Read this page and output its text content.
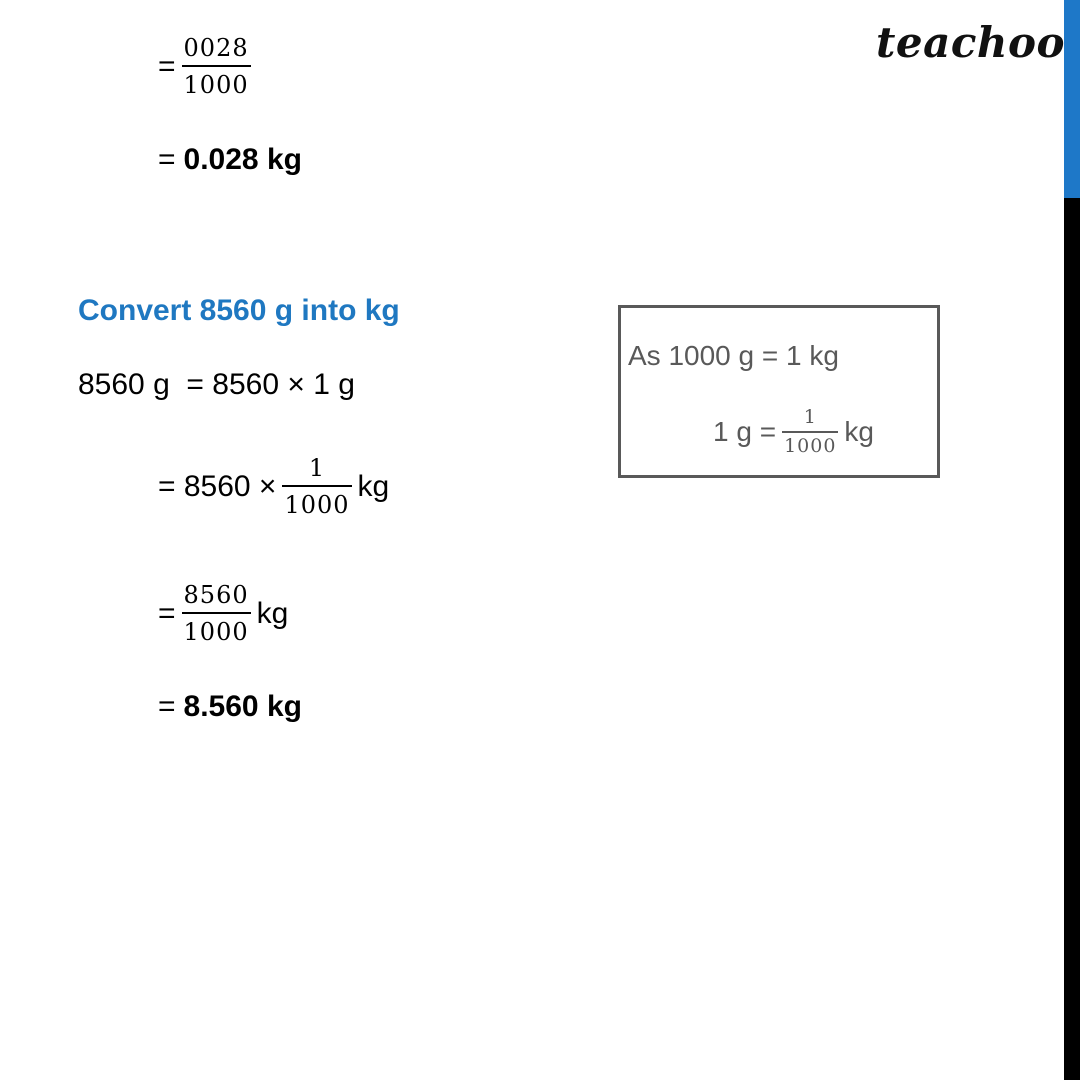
teachoo
= $\frac{0028}{1000}$
= 0.028 kg
Convert 8560 g into kg
8560 g  = 8560 × 1 g
= $8560 \times \frac{1}{1000}$ kg
= $\frac{8560}{1000}$ kg
= 8.560 kg
As 1000 g = 1 kg
1 $g = \frac{1}{1000}$ kg
